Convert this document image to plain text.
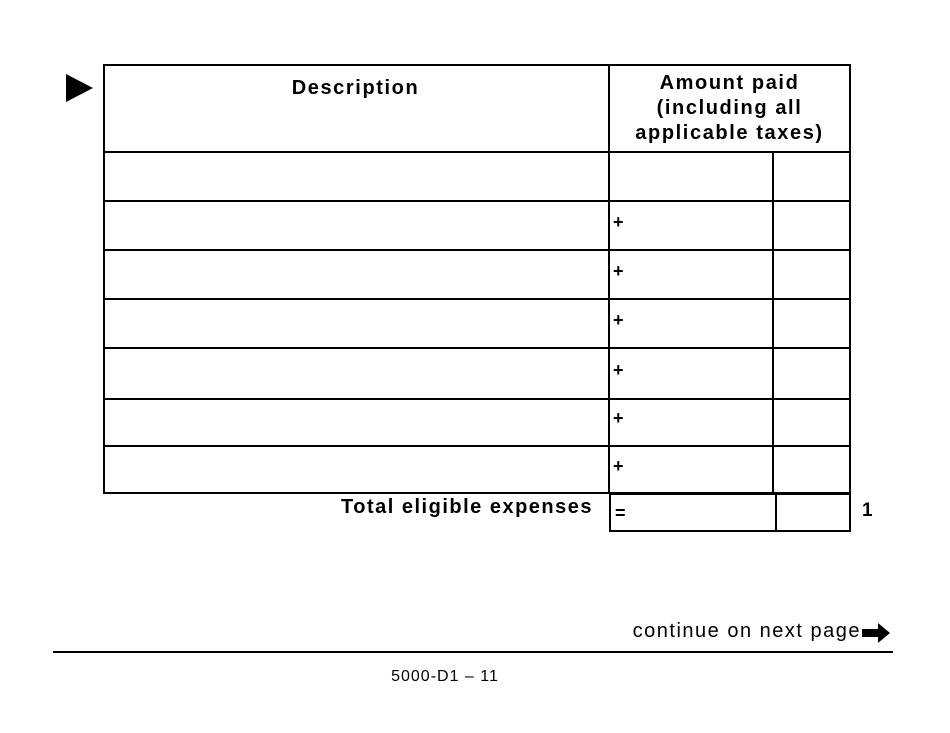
Description	Amount paid
(including all
applicable taxes)
+
+
+
+
+
+
Total eligible expenses =	1
continue on next page
5000-D1 – 11
